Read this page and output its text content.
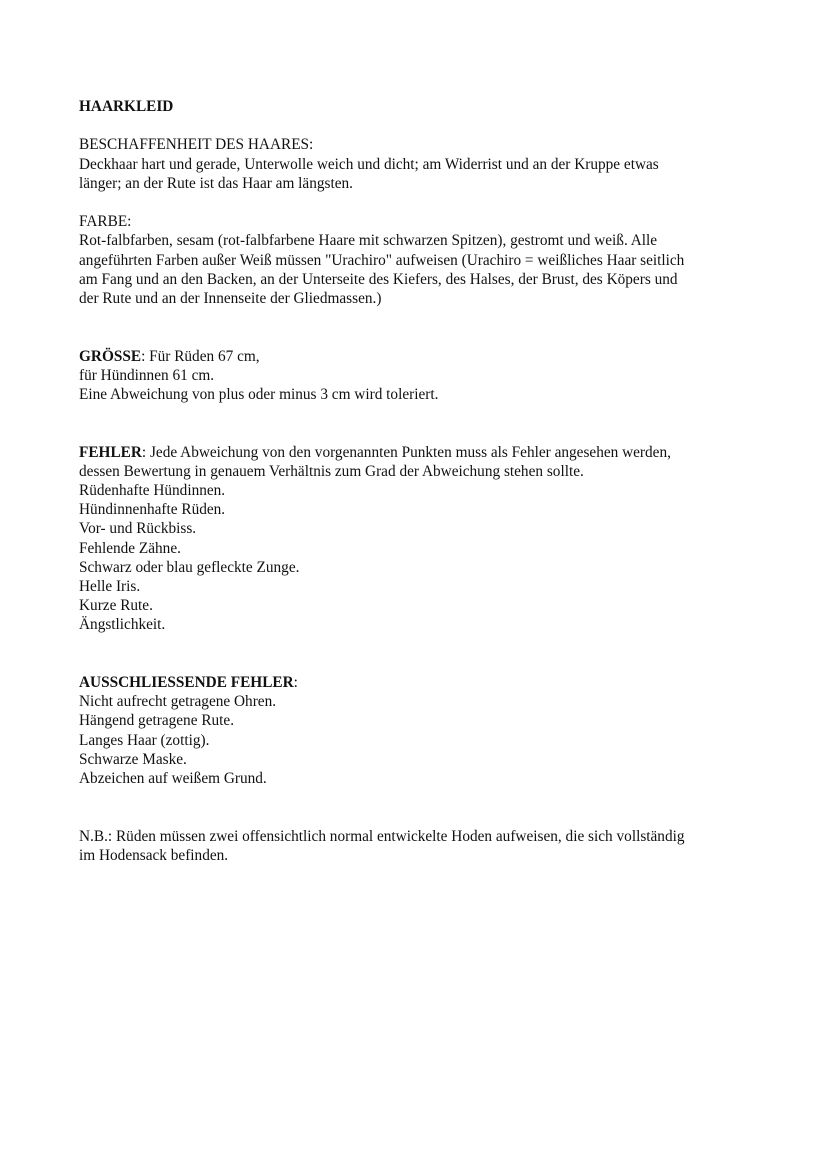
HAARKLEID
BESCHAFFENHEIT DES HAARES:
Deckhaar hart und gerade, Unterwolle weich und dicht; am Widerrist und an der Kruppe etwas
länger; an der Rute ist das Haar am längsten.
FARBE:
Rot-falbfarben, sesam (rot-falbfarbene Haare mit schwarzen Spitzen), gestromt und weiß. Alle
angeführten Farben außer Weiß müssen "Urachiro" aufweisen (Urachiro = weißliches Haar seitlich
am Fang und an den Backen, an der Unterseite des Kiefers, des Halses, der Brust, des Köpers und
der Rute und an der Innenseite der Gliedmassen.)
GRÖSSE: Für Rüden 67 cm,
für Hündinnen 61 cm.
Eine Abweichung von plus oder minus 3 cm wird toleriert.
FEHLER: Jede Abweichung von den vorgenannten Punkten muss als Fehler angesehen werden,
dessen Bewertung in genauem Verhältnis zum Grad der Abweichung stehen sollte.
Rüdenhafte Hündinnen.
Hündinnenhafte Rüden.
Vor- und Rückbiss.
Fehlende Zähne.
Schwarz oder blau gefleckte Zunge.
Helle Iris.
Kurze Rute.
Ängstlichkeit.
AUSSCHLIESSENDE FEHLER:
Nicht aufrecht getragene Ohren.
Hängend getragene Rute.
Langes Haar (zottig).
Schwarze Maske.
Abzeichen auf weißem Grund.
N.B.: Rüden müssen zwei offensichtlich normal entwickelte Hoden aufweisen, die sich vollständig
im Hodensack befinden.
